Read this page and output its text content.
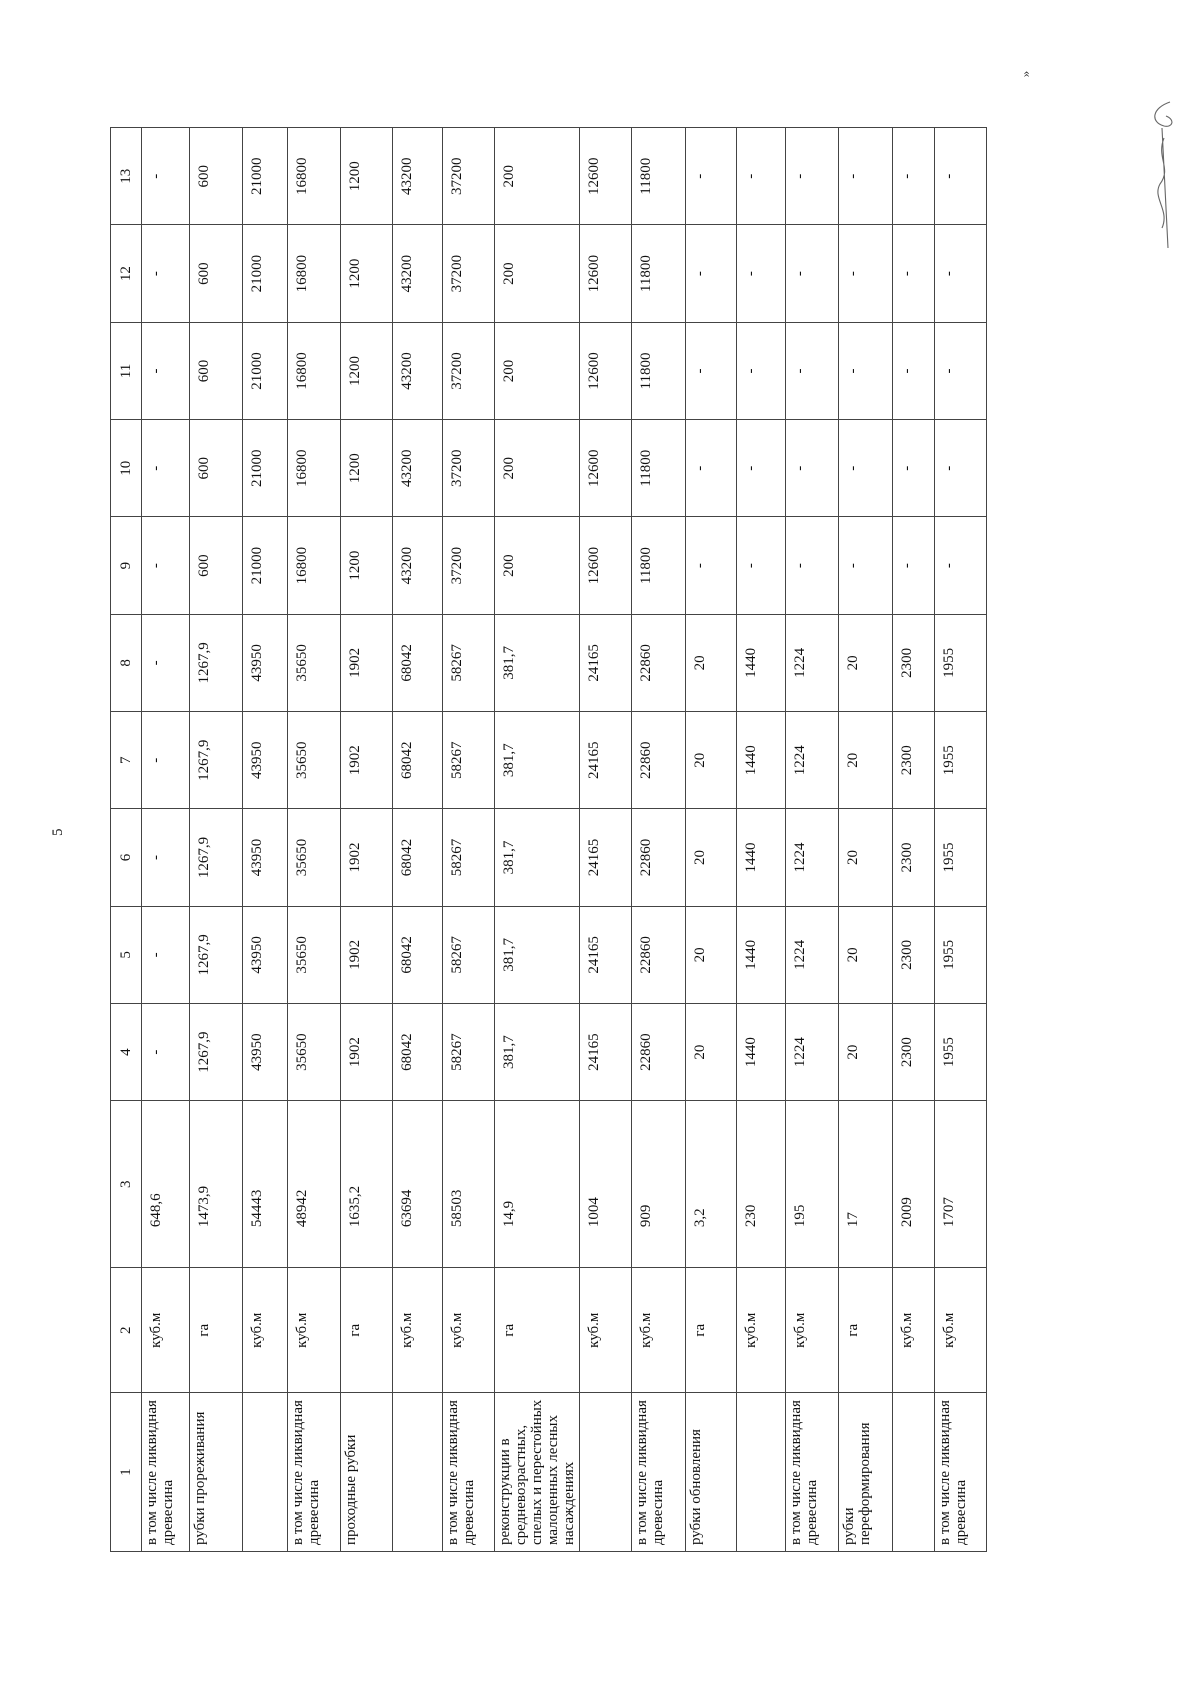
5
»
1	2	3	4	5	6	7	8	9	10	11	12	13
в том числе ликвидная древесина	куб.м	648,6	-	-	-	-	-	-	-	-	-	-
рубки прореживания	га	1473,9	1267,9	1267,9	1267,9	1267,9	1267,9	600	600	600	600	600
	куб.м	54443	43950	43950	43950	43950	43950	21000	21000	21000	21000	21000
в том числе ликвидная древесина	куб.м	48942	35650	35650	35650	35650	35650	16800	16800	16800	16800	16800
проходные рубки	га	1635,2	1902	1902	1902	1902	1902	1200	1200	1200	1200	1200
	куб.м	63694	68042	68042	68042	68042	68042	43200	43200	43200	43200	43200
в том числе ликвидная древесина	куб.м	58503	58267	58267	58267	58267	58267	37200	37200	37200	37200	37200
реконструкции в средневозрастных, спелых и перестойных малоценных лесных насаждениях	га	14,9	381,7	381,7	381,7	381,7	381,7	200	200	200	200	200
	куб.м	1004	24165	24165	24165	24165	24165	12600	12600	12600	12600	12600
в том числе ликвидная древесина	куб.м	909	22860	22860	22860	22860	22860	11800	11800	11800	11800	11800
рубки обновления	га	3,2	20	20	20	20	20	-	-	-	-	-
	куб.м	230	1440	1440	1440	1440	1440	-	-	-	-	-
в том числе ликвидная древесина	куб.м	195	1224	1224	1224	1224	1224	-	-	-	-	-
рубки переформирования	га	17	20	20	20	20	20	-	-	-	-	-
	куб.м	2009	2300	2300	2300	2300	2300	-	-	-	-	-
в том числе ликвидная древесина	куб.м	1707	1955	1955	1955	1955	1955	-	-	-	-	-
